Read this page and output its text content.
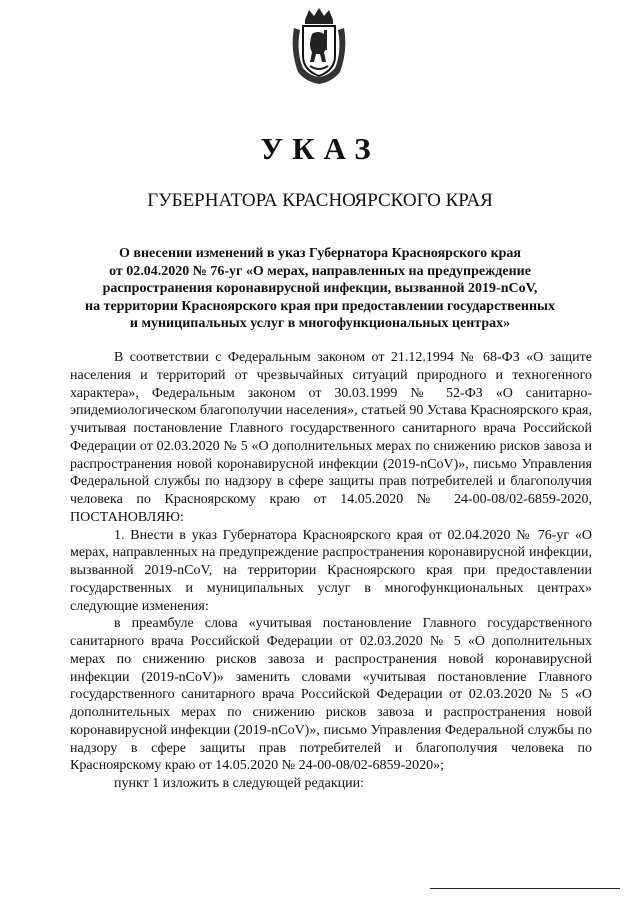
УКАЗ
ГУБЕРНАТОРА КРАСНОЯРСКОГО КРАЯ
О внесении изменений в указ Губернатора Красноярского края
от 02.04.2020 № 76-уг «О мерах, направленных на предупреждение
распространения коронавирусной инфекции, вызванной 2019-nCoV,
на территории Красноярского края при предоставлении государственных
и муниципальных услуг в многофункциональных центрах»

В соответствии с Федеральным законом от 21.12.1994 № 68-ФЗ «О защите населения и территорий от чрезвычайных ситуаций природного и техногенного характера», Федеральным законом от 30.03.1999 № 52-ФЗ «О санитарно-эпидемиологическом благополучии населения», статьей 90 Устава Красноярского края, учитывая постановление Главного государственного санитарного врача Российской Федерации от 02.03.2020 № 5 «О дополнительных мерах по снижению рисков завоза и распространения новой коронавирусной инфекции (2019-nCoV)», письмо Управления Федеральной службы по надзору в сфере защиты прав потребителей и благополучия человека по Красноярскому краю от 14.05.2020 № 24-00-08/02-6859-2020, ПОСТАНОВЛЯЮ:

1. Внести в указ Губернатора Красноярского края от 02.04.2020 № 76-уг «О мерах, направленных на предупреждение распространения коронавирусной инфекции, вызванной 2019-nCoV, на территории Красноярского края при предоставлении государственных и муниципальных услуг в многофункциональных центрах» следующие изменения:

в преамбуле слова «учитывая постановление Главного государственного санитарного врача Российской Федерации от 02.03.2020 № 5 «О дополнительных мерах по снижению рисков завоза и распространения новой коронавирусной инфекции (2019-nCoV)» заменить словами «учитывая постановление Главного государственного санитарного врача Российской Федерации от 02.03.2020 № 5 «О дополнительных мерах по снижению рисков завоза и распространения новой коронавирусной инфекции (2019-nCoV)», письмо Управления Федеральной службы по надзору в сфере защиты прав потребителей и благополучия человека по Красноярскому краю от 14.05.2020 № 24-00-08/02-6859-2020»;

пункт 1 изложить в следующей редакции:
